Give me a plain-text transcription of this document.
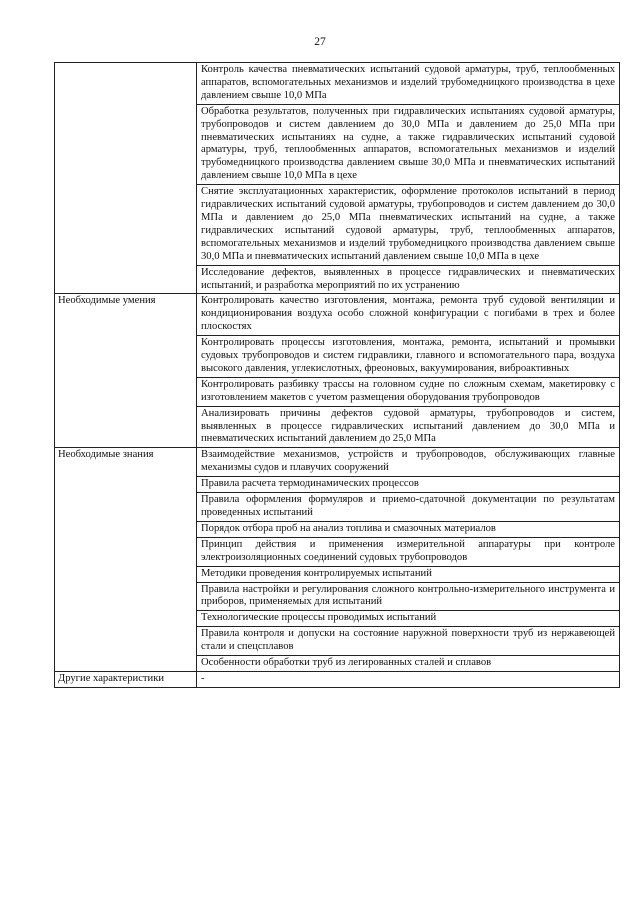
27
	Контроль качества пневматических испытаний судовой арматуры, труб, теплообменных аппаратов, вспомогательных механизмов и изделий трубомедницкого производства в цехе давлением свыше 10,0 МПа
	Обработка результатов, полученных при гидравлических испытаниях судовой арматуры, трубопроводов и систем давлением до 30,0 МПа и давлением до 25,0 МПа при пневматических испытаниях на судне, а также гидравлических испытаний судовой арматуры, труб, теплообменных аппаратов, вспомогательных механизмов и изделий трубомедницкого производства давлением свыше 30,0 МПа и пневматических испытаний давлением свыше 10,0 МПа в цехе
	Снятие эксплуатационных характеристик, оформление протоколов испытаний в период гидравлических испытаний судовой арматуры, трубопроводов и систем давлением до 30,0 МПа и давлением до 25,0 МПа пневматических испытаний на судне, а также гидравлических испытаний судовой арматуры, труб, теплообменных аппаратов, вспомогательных механизмов и изделий трубомедницкого производства давлением свыше 30,0 МПа и пневматических испытаний давлением свыше 10,0 МПа в цехе
	Исследование дефектов, выявленных в процессе гидравлических и пневматических испытаний, и разработка мероприятий по их устранению
Необходимые умения	Контролировать качество изготовления, монтажа, ремонта труб судовой вентиляции и кондиционирования воздуха особо сложной конфигурации с погибами в трех и более плоскостях
	Контролировать процессы изготовления, монтажа, ремонта, испытаний и промывки судовых трубопроводов и систем гидравлики, главного и вспомогательного пара, воздуха высокого давления, углекислотных, фреоновых, вакуумирования, виброактивных
	Контролировать разбивку трассы на головном судне по сложным схемам, макетировку с изготовлением макетов с учетом размещения оборудования трубопроводов
	Анализировать причины дефектов судовой арматуры, трубопроводов и систем, выявленных в процессе гидравлических испытаний давлением до 30,0 МПа и пневматических испытаний давлением до 25,0 МПа
Необходимые знания	Взаимодействие механизмов, устройств и трубопроводов, обслуживающих главные механизмы судов и плавучих сооружений
	Правила расчета термодинамических процессов
	Правила оформления формуляров и приемо-сдаточной документации по результатам проведенных испытаний
	Порядок отбора проб на анализ топлива и смазочных материалов
	Принцип действия и применения измерительной аппаратуры при контроле электроизоляционных соединений судовых трубопроводов
	Методики проведения контролируемых испытаний
	Правила настройки и регулирования сложного контрольно-измерительного инструмента и приборов, применяемых для испытаний
	Технологические процессы проводимых испытаний
	Правила контроля и допуски на состояние наружной поверхности труб из нержавеющей стали и спецсплавов
	Особенности обработки труб из легированных сталей и сплавов
Другие характеристики	-
